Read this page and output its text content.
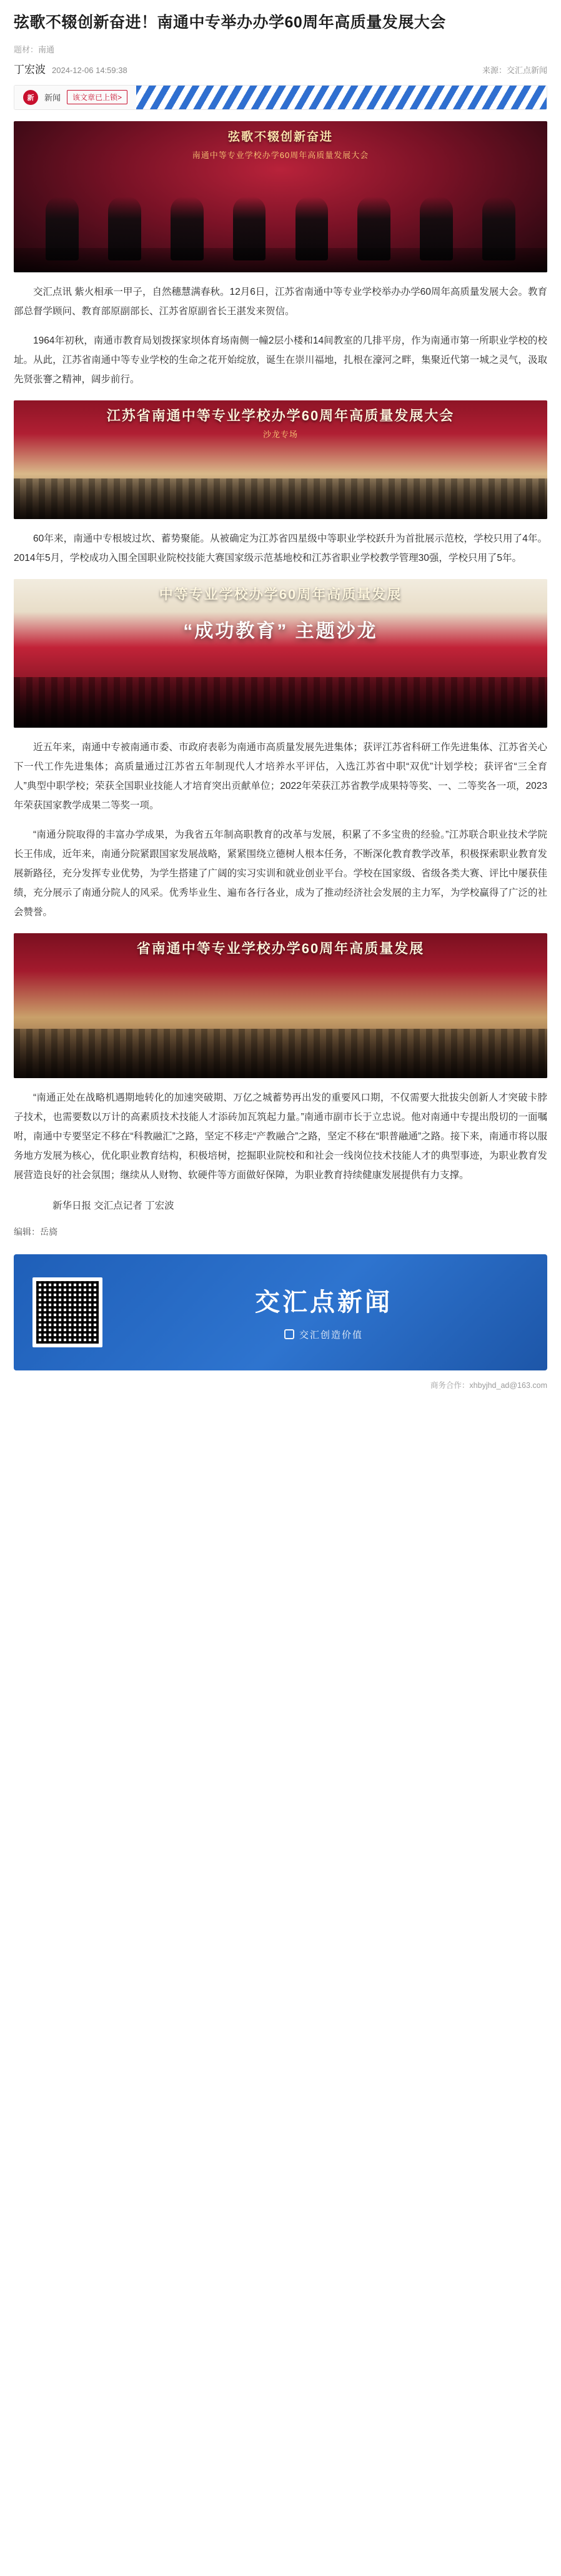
弦歌不辍创新奋进！南通中专举办办学60周年高质量发展大会
题材：南通
丁宏波 2024-12-06 14:59:38	来源：交汇点新闻
新	新闻	该文章已上锁>
弦歌不辍创新奋进
南通中等专业学校办学60周年高质量发展大会

交汇点讯 紫火相承一甲子，自然穗慧满春秋。12月6日，江苏省南通中等专业学校举办办学60周年高质量发展大会。教育部总督学顾问、教育部原副部长、江苏省原副省长王湛发来贺信。

1964年初秋，南通市教育局划拨探家坝体育场南侧一幢2层小楼和14间教室的几排平房，作为南通市第一所职业学校的校址。从此，江苏省南通中等专业学校的生命之花开始绽放，诞生在崇川福地，扎根在濠河之畔，集聚近代第一城之灵气，汲取先贤张謇之精神，阔步前行。

江苏省南通中等专业学校办学60周年高质量发展大会
沙龙专场

60年来，南通中专根坡过坎、蓄势聚能。从被确定为江苏省四星级中等职业学校跃升为首批展示范校，学校只用了4年。2014年5月，学校成功入围全国职业院校技能大赛国家级示范基地校和江苏省职业学校教学管理30强，学校只用了5年。

中等专业学校办学60周年高质量发展
“成功教育” 主题沙龙

近五年来，南通中专被南通市委、市政府表彰为南通市高质量发展先进集体；获评江苏省科研工作先进集体、江苏省关心下一代工作先进集体；高质量通过江苏省五年制现代人才培养水平评估，入选江苏省中职“双优”计划学校；获评省“三全育人”典型中职学校；荣获全国职业技能人才培育突出贡献单位；2022年荣获江苏省教学成果特等奖、一、二等奖各一项，2023年荣获国家教学成果二等奖一项。

“南通分院取得的丰富办学成果，为我省五年制高职教育的改革与发展，积累了不多宝贵的经验。”江苏联合职业技术学院长王伟成，近年来，南通分院紧跟国家发展战略，紧紧围绕立德树人根本任务，不断深化教育教学改革，积极探索职业教育发展新路径，充分发挥专业优势，为学生搭建了广阔的实习实训和就业创业平台。学校在国家级、省级各类大赛、评比中屡获佳绩，充分展示了南通分院人的风采。优秀毕业生、遍布各行各业，成为了推动经济社会发展的主力军，为学校赢得了广泛的社会赞誉。

省南通中等专业学校办学60周年高质量发展

“南通正处在战略机遇期地转化的加速突破期、万亿之城蓄势再出发的重要风口期，不仅需要大批拔尖创新人才突破卡脖子技术，也需要数以万计的高素质技术技能人才添砖加瓦筑起力量。”南通市副市长于立忠说。他对南通中专提出殷切的一面嘱咐，南通中专要坚定不移在“科教融汇”之路，坚定不移走“产教融合”之路，坚定不移在“职普融通”之路。接下来，南通市将以服务地方发展为核心，优化职业教育结构，积极培树，挖掘职业院校和和社会一线岗位技术技能人才的典型事迹，为职业教育发展营造良好的社会氛围；继续从人财物、软硬件等方面做好保障，为职业教育持续健康发展提供有力支撑。

新华日报 交汇点记者 丁宏波

编辑：岳旖

交汇点新闻
交汇创造价值
商务合作：xhbyjhd_ad@163.com
